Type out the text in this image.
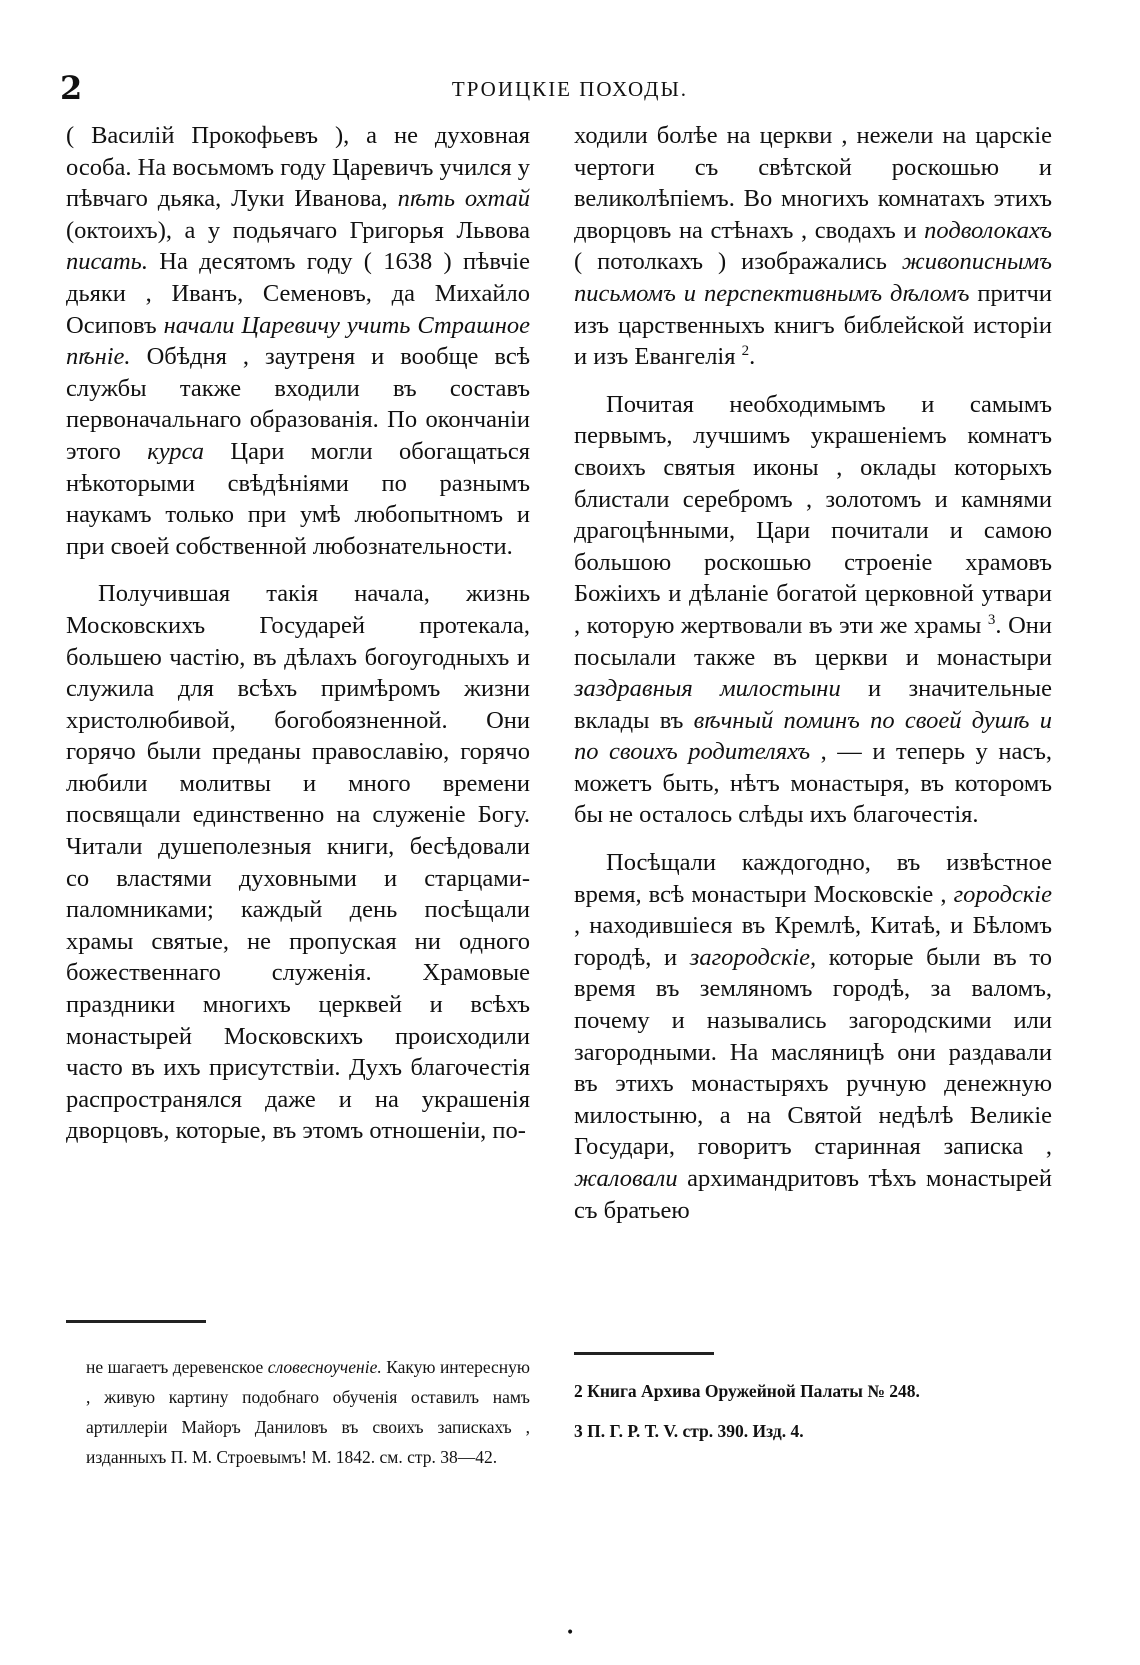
2	ТРОИЦКІЕ ПОХОДЫ.

( Василій Прокофьевъ ), а не духовная особа. На восьмомъ году Царевичъ учился у пѣвчаго дьяка, Луки Иванова, пѣть охтай (октоихъ), а у подьячаго Григорья Львова писать. На десятомъ году ( 1638 ) пѣвчіе дьяки , Иванъ, Семеновъ, да Михайло Осиповъ начали Царевичу учить Страшное пѣніе. Обѣдня , заутреня и вообще всѣ службы также входили въ составъ первоначальнаго образованія. По окончаніи этого курса Цари могли обогащаться нѣкоторыми свѣдѣніями по разнымъ наукамъ только при умѣ любопытномъ и при своей собственной любознательности.

Получившая такія начала, жизнь Московскихъ Государей протекала, большею частію, въ дѣлахъ богоугодныхъ и служила для всѣхъ примѣромъ жизни христолюбивой, богобоязненной. Они горячо были преданы православію, горячо любили молитвы и много времени посвящали единственно на служеніе Богу. Читали душеполезныя книги, бесѣдовали со властями духовными и старцами-паломниками; каждый день посѣщали храмы святые, не пропуская ни одного божественнаго служенія. Храмовые праздники многихъ церквей и всѣхъ монастырей Московскихъ происходили часто въ ихъ присутствіи. Духъ благочестія распространялся даже и на украшенія дворцовъ, которые, въ этомъ отношеніи, по-

ходили болѣе на церкви , нежели на царскіе чертоги съ свѣтской роскошью и великолѣпіемъ. Во многихъ комнатахъ этихъ дворцовъ на стѣнахъ , сводахъ и подволокахъ ( потолкахъ ) изображались живописнымъ письмомъ и перспективнымъ дѣломъ притчи изъ царственныхъ книгъ библейской исторіи и изъ Евангелія $^2$.

Почитая необходимымъ и самымъ первымъ, лучшимъ украшеніемъ комнатъ своихъ святыя иконы , оклады которыхъ блистали серебромъ , золотомъ и камнями драгоцѣнными, Цари почитали и самою большою роскошью строеніе храмовъ Божіихъ и дѣланіе богатой церковной утвари , которую жертвовали въ эти же храмы $^3$. Они посылали также въ церкви и монастыри заздравныя милостыни и значительные вклады въ вѣчный поминъ по своей душѣ и по своихъ родителяхъ , — и теперь у насъ, можетъ быть, нѣтъ монастыря, въ которомъ бы не осталось слѣды ихъ благочестія.

Посѣщали каждогодно, въ извѣстное время, всѣ монастыри Московскіе , городскіе , находившіеся въ Кремлѣ, Китаѣ, и Бѣломъ городѣ, и загородскіе, которые были въ то время въ земляномъ городѣ, за валомъ, почему и назывались загородскими или загородными. На масляницѣ они раздавали въ этихъ монастыряхъ ручную денежную милостыню, а на Святой недѣлѣ Великіе Государи, говоритъ старинная записка , жаловали архимандритовъ тѣхъ монастырей съ братьею

не шагаетъ деревенское словесноученіе. Какую интересную , живую картину подобнаго обученія оставилъ намъ артиллеріи Майоръ Даниловъ въ своихъ запискахъ , изданныхъ П. М. Строевымъ! М. 1842. см. стр. 38—42.

2 Книга Архива Оружейной Палаты № 248.

3 П. Г. Р. Т. V. стр. 390. Изд. 4.

•
